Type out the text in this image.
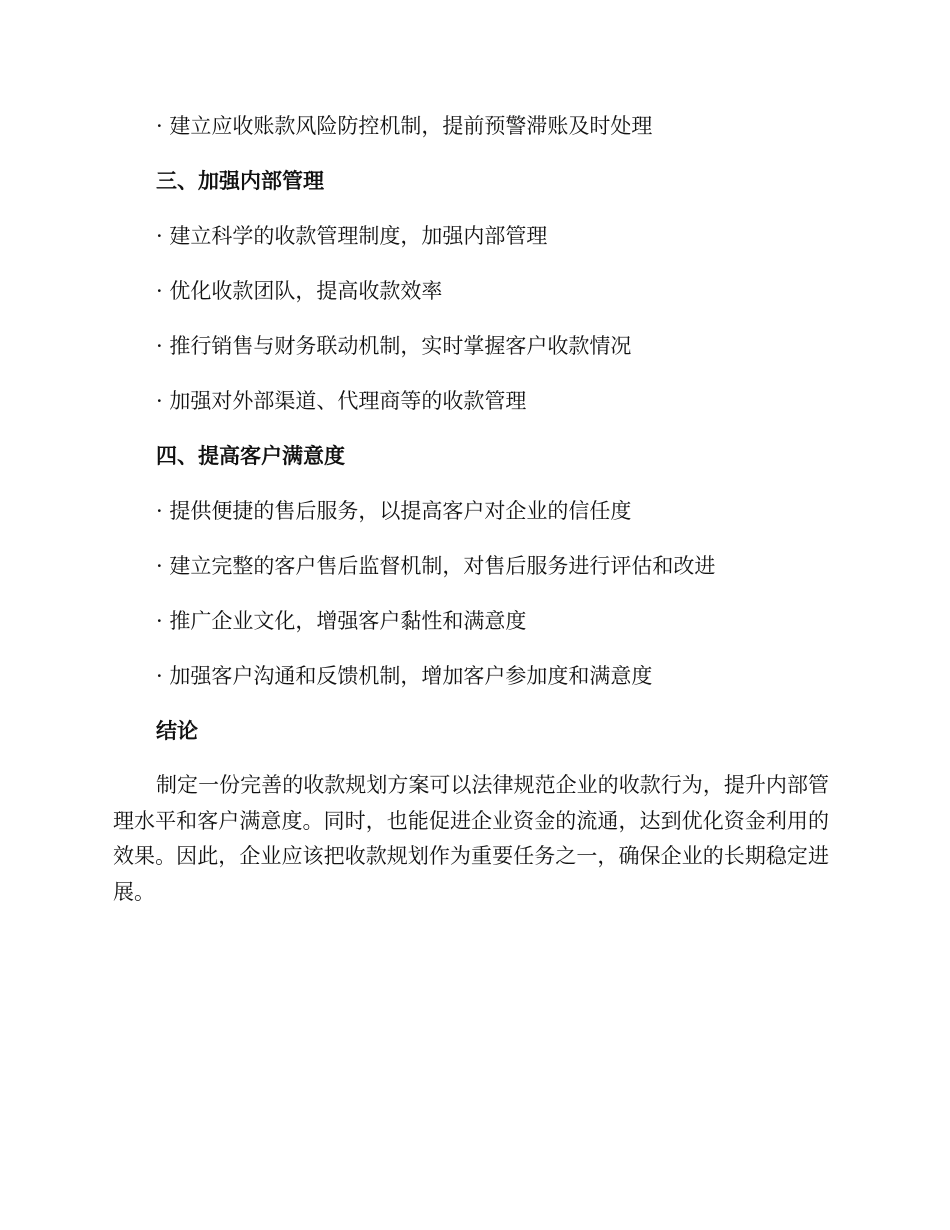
· 建立应收账款风险防控机制，提前预警滞账及时处理
三、加强内部管理
· 建立科学的收款管理制度，加强内部管理
· 优化收款团队，提高收款效率
· 推行销售与财务联动机制，实时掌握客户收款情况
· 加强对外部渠道、代理商等的收款管理
四、提高客户满意度
· 提供便捷的售后服务，以提高客户对企业的信任度
· 建立完整的客户售后监督机制，对售后服务进行评估和改进
· 推广企业文化，增强客户黏性和满意度
· 加强客户沟通和反馈机制，增加客户参加度和满意度
结论

制定一份完善的收款规划方案可以法律规范企业的收款行为，提升内部管理水平和客户满意度。同时，也能促进企业资金的流通，达到优化资金利用的效果。因此，企业应该把收款规划作为重要任务之一，确保企业的长期稳定进展。
